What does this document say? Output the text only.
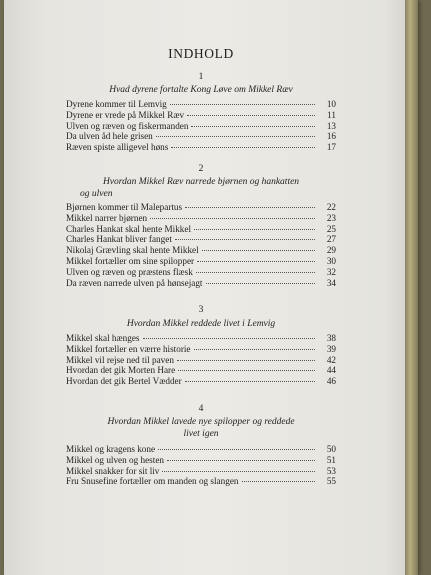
INDHOLD
1
Hvad dyrene fortalte Kong Løve om Mikkel Ræv
Dyrene kommer til Lemvig	10
Dyrene er vrede på Mikkel Ræv	11
Ulven og ræven og fiskermanden	13
Da ulven åd hele grisen	16
Ræven spiste alligevel høns	17
2
Hvordan Mikkel Ræv narrede bjørnen og hankatten
og ulven
Bjørnen kommer til Malepartus	22
Mikkel narrer bjørnen	23
Charles Hankat skal hente Mikkel	25
Charles Hankat bliver fanget	27
Nikolaj Grævling skal hente Mikkel	29
Mikkel fortæller om sine spilopper	30
Ulven og ræven og præstens flæsk	32
Da ræven narrede ulven på hønsejagt	34
3
Hvordan Mikkel reddede livet i Lemvig
Mikkel skal hænges	38
Mikkel fortæller en værre historie	39
Mikkel vil rejse ned til paven	42
Hvordan det gik Morten Hare	44
Hvordan det gik Bertel Vædder	46
4
Hvordan Mikkel lavede nye spilopper og reddede
livet igen
Mikkel og kragens kone	50
Mikkel og ulven og hesten	51
Mikkel snakker for sit liv	53
Fru Snusefine fortæller om manden og slangen	55
